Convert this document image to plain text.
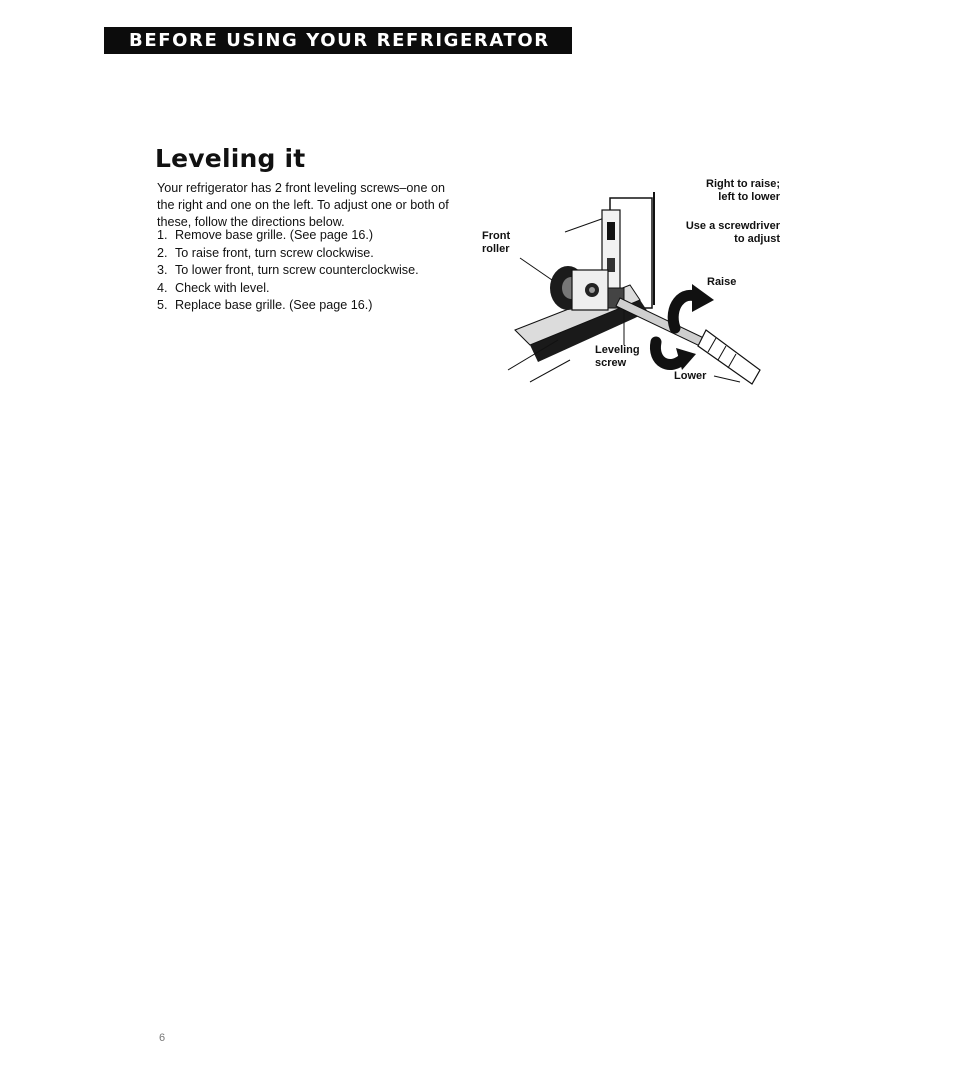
BEFORE USING YOUR REFRIGERATOR
Leveling it

Your refrigerator has 2 front leveling screws–one on the right and one on the left. To adjust one or both of these, follow the directions below.

1. Remove base grille. (See page 16.)
2. To raise front, turn screw clockwise.
3. To lower front, turn screw counterclockwise.
4. Check with level.
5. Replace base grille. (See page 16.)
Right to raise;
left to lower
Use a screwdriver
to adjust
Front
roller
Raise
Leveling
screw
Lower
6
